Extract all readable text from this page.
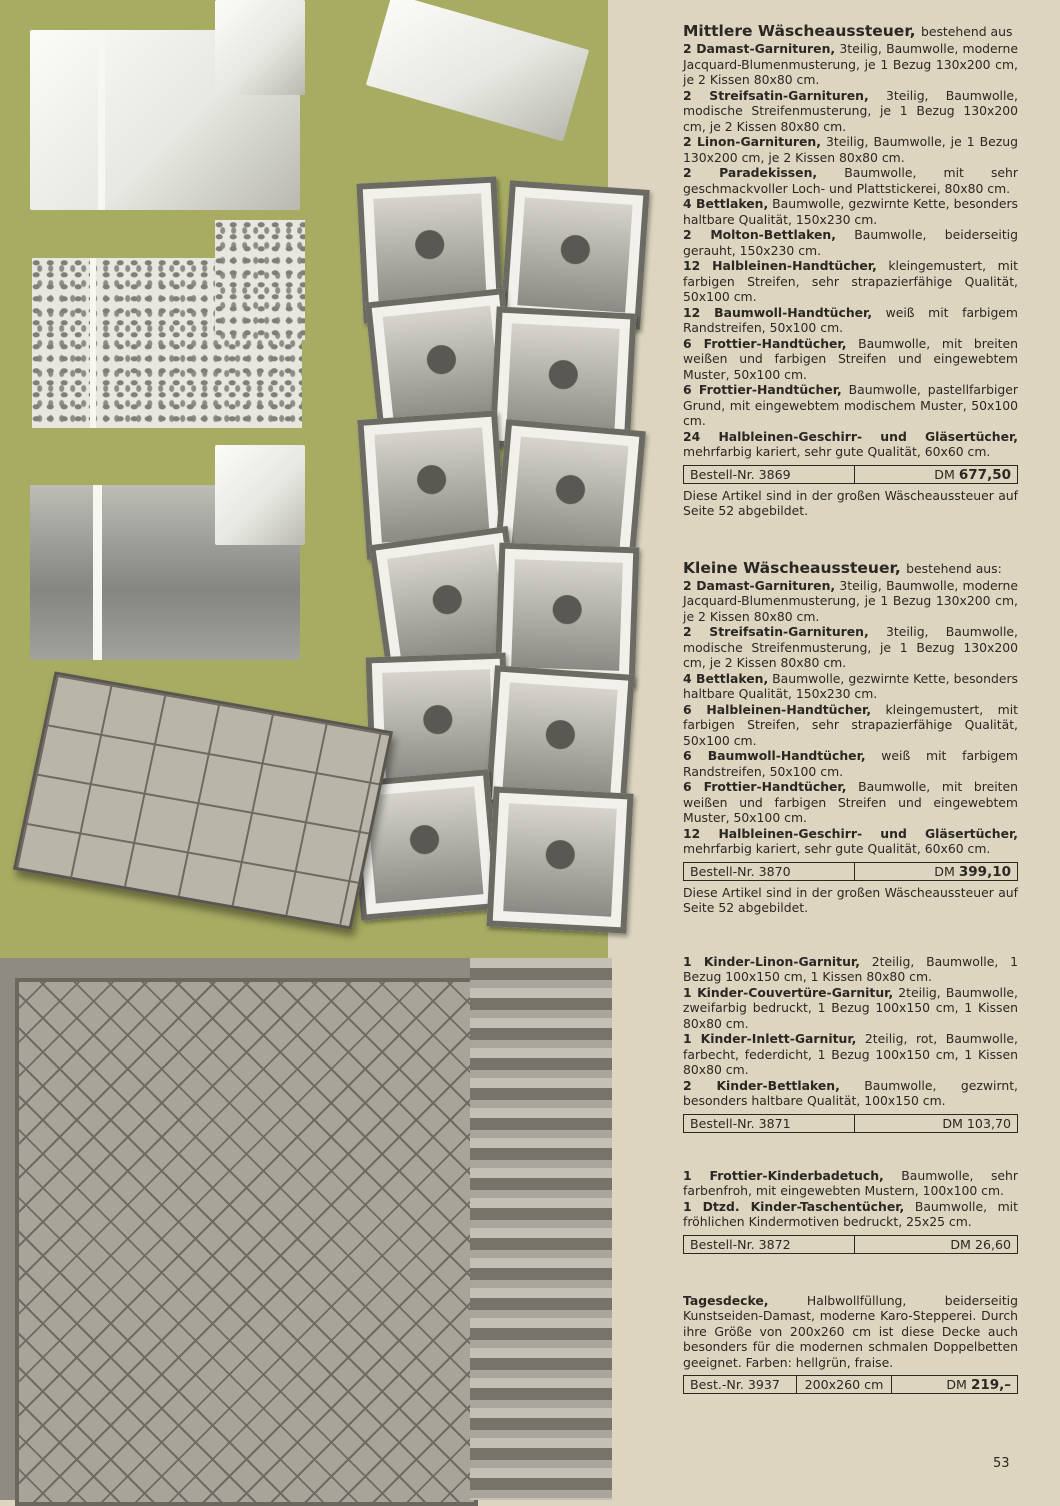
Mittlere Wäscheaussteuer, bestehend aus

2 Damast-Garnituren, 3teilig, Baumwolle, moderne Jacquard-Blumenmusterung, je 1 Bezug 130x200 cm, je 2 Kissen 80x80 cm.

2 Streifsatin-Garnituren, 3teilig, Baumwolle, modische Streifenmusterung, je 1 Bezug 130x200 cm, je 2 Kissen 80x80 cm.

2 Linon-Garnituren, 3teilig, Baumwolle, je 1 Bezug 130x200 cm, je 2 Kissen 80x80 cm.

2 Paradekissen, Baumwolle, mit sehr geschmackvoller Loch- und Plattstickerei, 80x80 cm.

4 Bettlaken, Baumwolle, gezwirnte Kette, besonders haltbare Qualität, 150x230 cm.

2 Molton-Bettlaken, Baumwolle, beiderseitig gerauht, 150x230 cm.

12 Halbleinen-Handtücher, kleingemustert, mit farbigen Streifen, sehr strapazierfähige Qualität, 50x100 cm.

12 Baumwoll-Handtücher, weiß mit farbigem Randstreifen, 50x100 cm.

6 Frottier-Handtücher, Baumwolle, mit breiten weißen und farbigen Streifen und eingewebtem Muster, 50x100 cm.

6 Frottier-Handtücher, Baumwolle, pastellfarbiger Grund, mit eingewebtem modischem Muster, 50x100 cm.

24 Halbleinen-Geschirr- und Gläsertücher, mehrfarbig kariert, sehr gute Qualität, 60x60 cm.

Bestell-Nr. 3869	DM 677,50

Diese Artikel sind in der großen Wäscheaussteuer auf Seite 52 abgebildet.

Kleine Wäscheaussteuer, bestehend aus:

2 Damast-Garnituren, 3teilig, Baumwolle, moderne Jacquard-Blumenmusterung, je 1 Bezug 130x200 cm, je 2 Kissen 80x80 cm.

2 Streifsatin-Garnituren, 3teilig, Baumwolle, modische Streifenmusterung, je 1 Bezug 130x200 cm, je 2 Kissen 80x80 cm.

4 Bettlaken, Baumwolle, gezwirnte Kette, besonders haltbare Qualität, 150x230 cm.

6 Halbleinen-Handtücher, kleingemustert, mit farbigen Streifen, sehr strapazierfähige Qualität, 50x100 cm.

6 Baumwoll-Handtücher, weiß mit farbigem Randstreifen, 50x100 cm.

6 Frottier-Handtücher, Baumwolle, mit breiten weißen und farbigen Streifen und eingewebtem Muster, 50x100 cm.

12 Halbleinen-Geschirr- und Gläsertücher, mehrfarbig kariert, sehr gute Qualität, 60x60 cm.

Bestell-Nr. 3870	DM 399,10

Diese Artikel sind in der großen Wäscheaussteuer auf Seite 52 abgebildet.

1 Kinder-Linon-Garnitur, 2teilig, Baumwolle, 1 Bezug 100x150 cm, 1 Kissen 80x80 cm.

1 Kinder-Couvertüre-Garnitur, 2teilig, Baumwolle, zweifarbig bedruckt, 1 Bezug 100x150 cm, 1 Kissen 80x80 cm.

1 Kinder-Inlett-Garnitur, 2teilig, rot, Baumwolle, farbecht, federdicht, 1 Bezug 100x150 cm, 1 Kissen 80x80 cm.

2 Kinder-Bettlaken, Baumwolle, gezwirnt, besonders haltbare Qualität, 100x150 cm.

Bestell-Nr. 3871	DM 103,70

1 Frottier-Kinderbadetuch, Baumwolle, sehr farbenfroh, mit eingewebten Mustern, 100x100 cm.

1 Dtzd. Kinder-Taschentücher, Baumwolle, mit fröhlichen Kindermotiven bedruckt, 25x25 cm.

Bestell-Nr. 3872	DM 26,60

Tagesdecke, Halbwollfüllung, beiderseitig Kunstseiden-Damast, moderne Karo-Stepperei. Durch ihre Größe von 200x260 cm ist diese Decke auch besonders für die modernen schmalen Doppelbetten geeignet. Farben: hellgrün, fraise.

Best.-Nr. 3937	200x260 cm	DM 219,–
53
